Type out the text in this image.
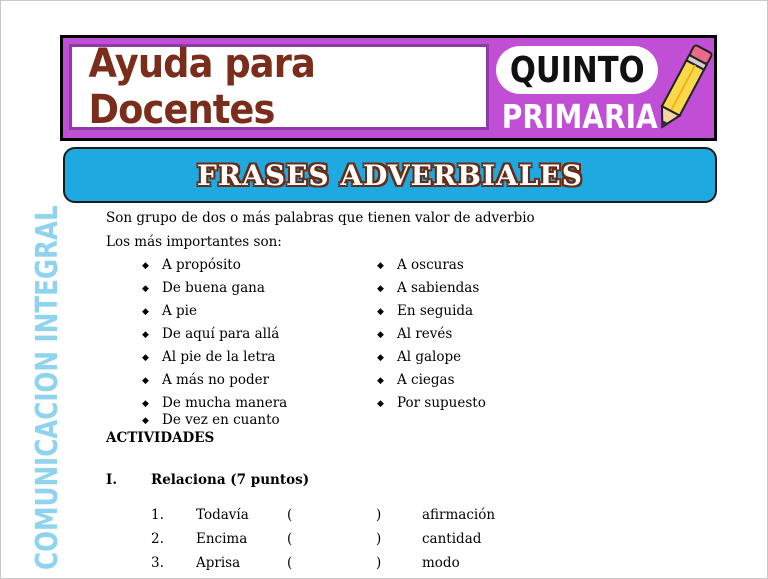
Ayuda para Docentes
QUINTO
PRIMARIA
FRASES ADVERBIALES
COMUNICACION INTEGRAL	Son grupo de dos o más palabras que tienen valor de adverbio
Los más importantes son:
◆ A propósito
◆ De buena gana
◆ A pie
◆ De aquí para allá
◆ Al pie de la letra
◆ A más no poder
◆ De mucha manera
◆ De vez en cuanto
◆ A oscuras
◆ A sabiendas
◆ En seguida
◆ Al revés
◆ Al galope
◆ A ciegas
◆ Por supuesto
ACTIVIDADES
I.	Relaciona (7 puntos)
1. Todavía	(	)	afirmación
2. Encima	(	)	cantidad
3. Aprisa	(	)	modo
